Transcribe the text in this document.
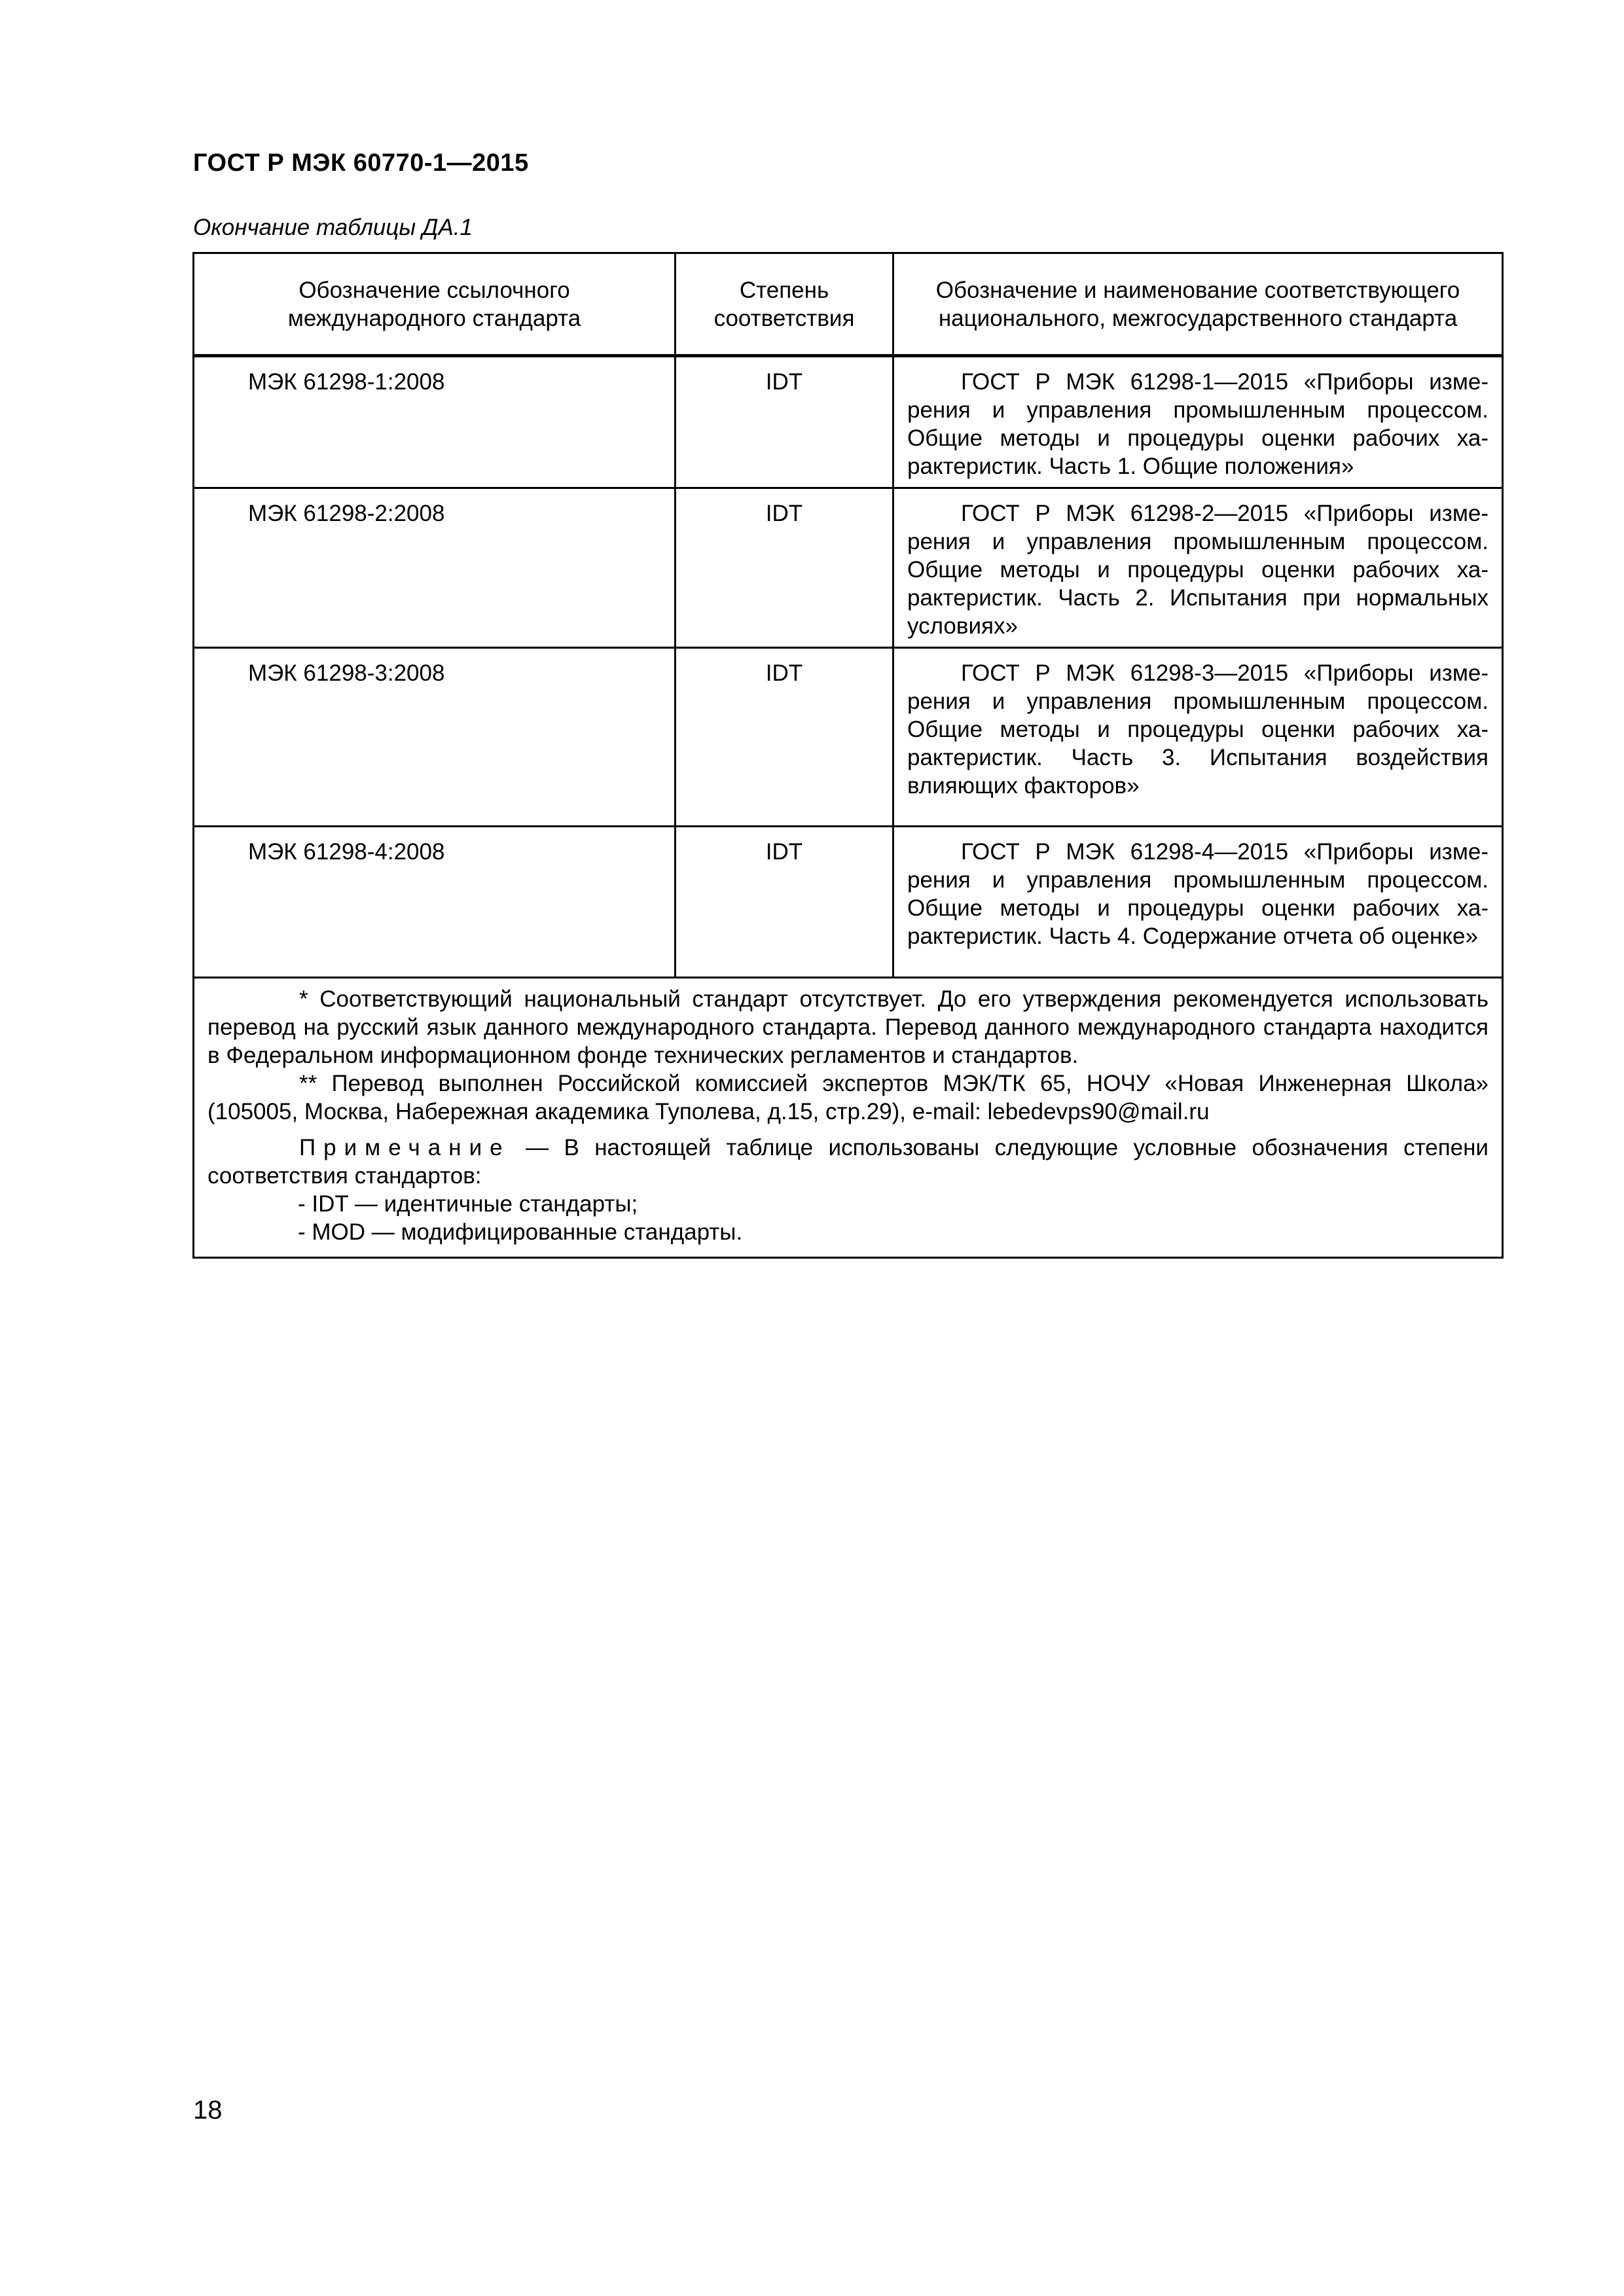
ГОСТ Р МЭК 60770-1—2015
Окончание таблицы ДА.1
Обозначение ссылочного международного стандарта	Степень соответствия	Обозначение и наименование соответствующего национального, межгосударственного стандарта
МЭК 61298-1:2008	IDT	ГОСТ Р МЭК 61298-1—2015 «Приборы измерения и управления промышленным процессом. Общие методы и процедуры оценки рабочих характеристик. Часть 1. Общие положения»
МЭК 61298-2:2008	IDT	ГОСТ Р МЭК 61298-2—2015 «Приборы измерения и управления промышленным процессом. Общие методы и процедуры оценки рабочих характеристик. Часть 2. Испытания при нормальных условиях»
МЭК 61298-3:2008	IDT	ГОСТ Р МЭК 61298-3—2015 «Приборы измерения и управления промышленным процессом. Общие методы и процедуры оценки рабочих характеристик. Часть 3. Испытания воздействия влияющих факторов»
МЭК 61298-4:2008	IDT	ГОСТ Р МЭК 61298-4—2015 «Приборы измерения и управления промышленным процессом. Общие методы и процедуры оценки рабочих характеристик. Часть 4. Содержание отчета об оценке»

* Соответствующий национальный стандарт отсутствует. До его утверждения рекомендуется использовать перевод на русский язык данного международного стандарта. Перевод данного международного стандарта находится в Федеральном информационном фонде технических регламентов и стандартов.

** Перевод выполнен Российской комиссией экспертов МЭК/ТК 65, НОЧУ «Новая Инженерная Школа» (105005, Москва, Набережная академика Туполева, д.15, стр.29), e-mail: lebedevps90@mail.ru

Примечание — В настоящей таблице использованы следующие условные обозначения степени соответствия стандартов:

- IDT — идентичные стандарты;

- MOD — модифицированные стандарты.		

18
